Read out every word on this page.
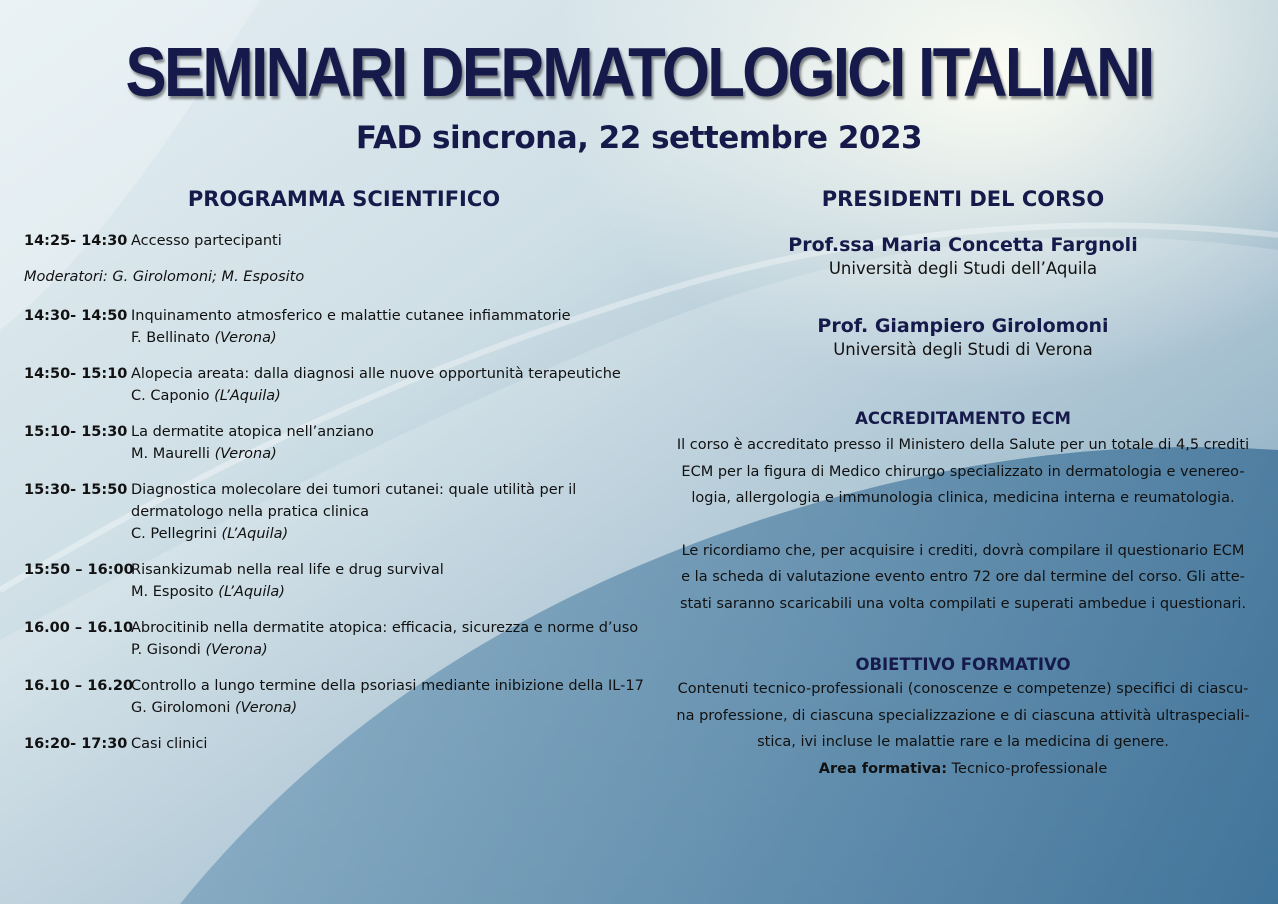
SEMINARI DERMATOLOGICI ITALIANI
FAD sincrona, 22 settembre 2023
PROGRAMMA SCIENTIFICO	PRESIDENTI DEL CORSO
14:25- 14:30 Accesso partecipanti
Moderatori: G. Girolomoni; M. Esposito
14:30- 14:50 Inquinamento atmosferico e malattie cutanee infiammatorie
F. Bellinato (Verona)
14:50- 15:10 Alopecia areata: dalla diagnosi alle nuove opportunità terapeutiche
C. Caponio (L’Aquila)
15:10- 15:30 La dermatite atopica nell’anziano
M. Maurelli (Verona)
15:30- 15:50 Diagnostica molecolare dei tumori cutanei: quale utilità per il dermatologo nella pratica clinica
C. Pellegrini (L’Aquila)
15:50 – 16:00
Risankizumab nella real life e drug survival
M. Esposito (L’Aquila)
16.00 – 16.10
Abrocitinib nella dermatite atopica: efficacia, sicurezza e norme d’uso
P. Gisondi (Verona)
16.10 – 16.20
Controllo a lungo termine della psoriasi mediante inibizione della IL-17
G. Girolomoni (Verona)
16:20- 17:30 Casi clinici
Prof.ssa Maria Concetta Fargnoli
Università degli Studi dell’Aquila
Prof. Giampiero Girolomoni
Università degli Studi di Verona
ACCREDITAMENTO ECM
Il corso è accreditato presso il Ministero della Salute per un totale di 4,5 crediti
ECM per la figura di Medico chirurgo specializzato in dermatologia e venereo-
logia, allergologia e immunologia clinica, medicina interna e reumatologia.
Le ricordiamo che, per acquisire i crediti, dovrà compilare il questionario ECM
e la scheda di valutazione evento entro 72 ore dal termine del corso. Gli atte-
stati saranno scaricabili una volta compilati e superati ambedue i questionari.
OBIETTIVO FORMATIVO
Contenuti tecnico-professionali (conoscenze e competenze) specifici di ciascu-
na professione, di ciascuna specializzazione e di ciascuna attività ultraspeciali-
stica, ivi incluse le malattie rare e la medicina di genere.
Area formativa: Tecnico-professionale
